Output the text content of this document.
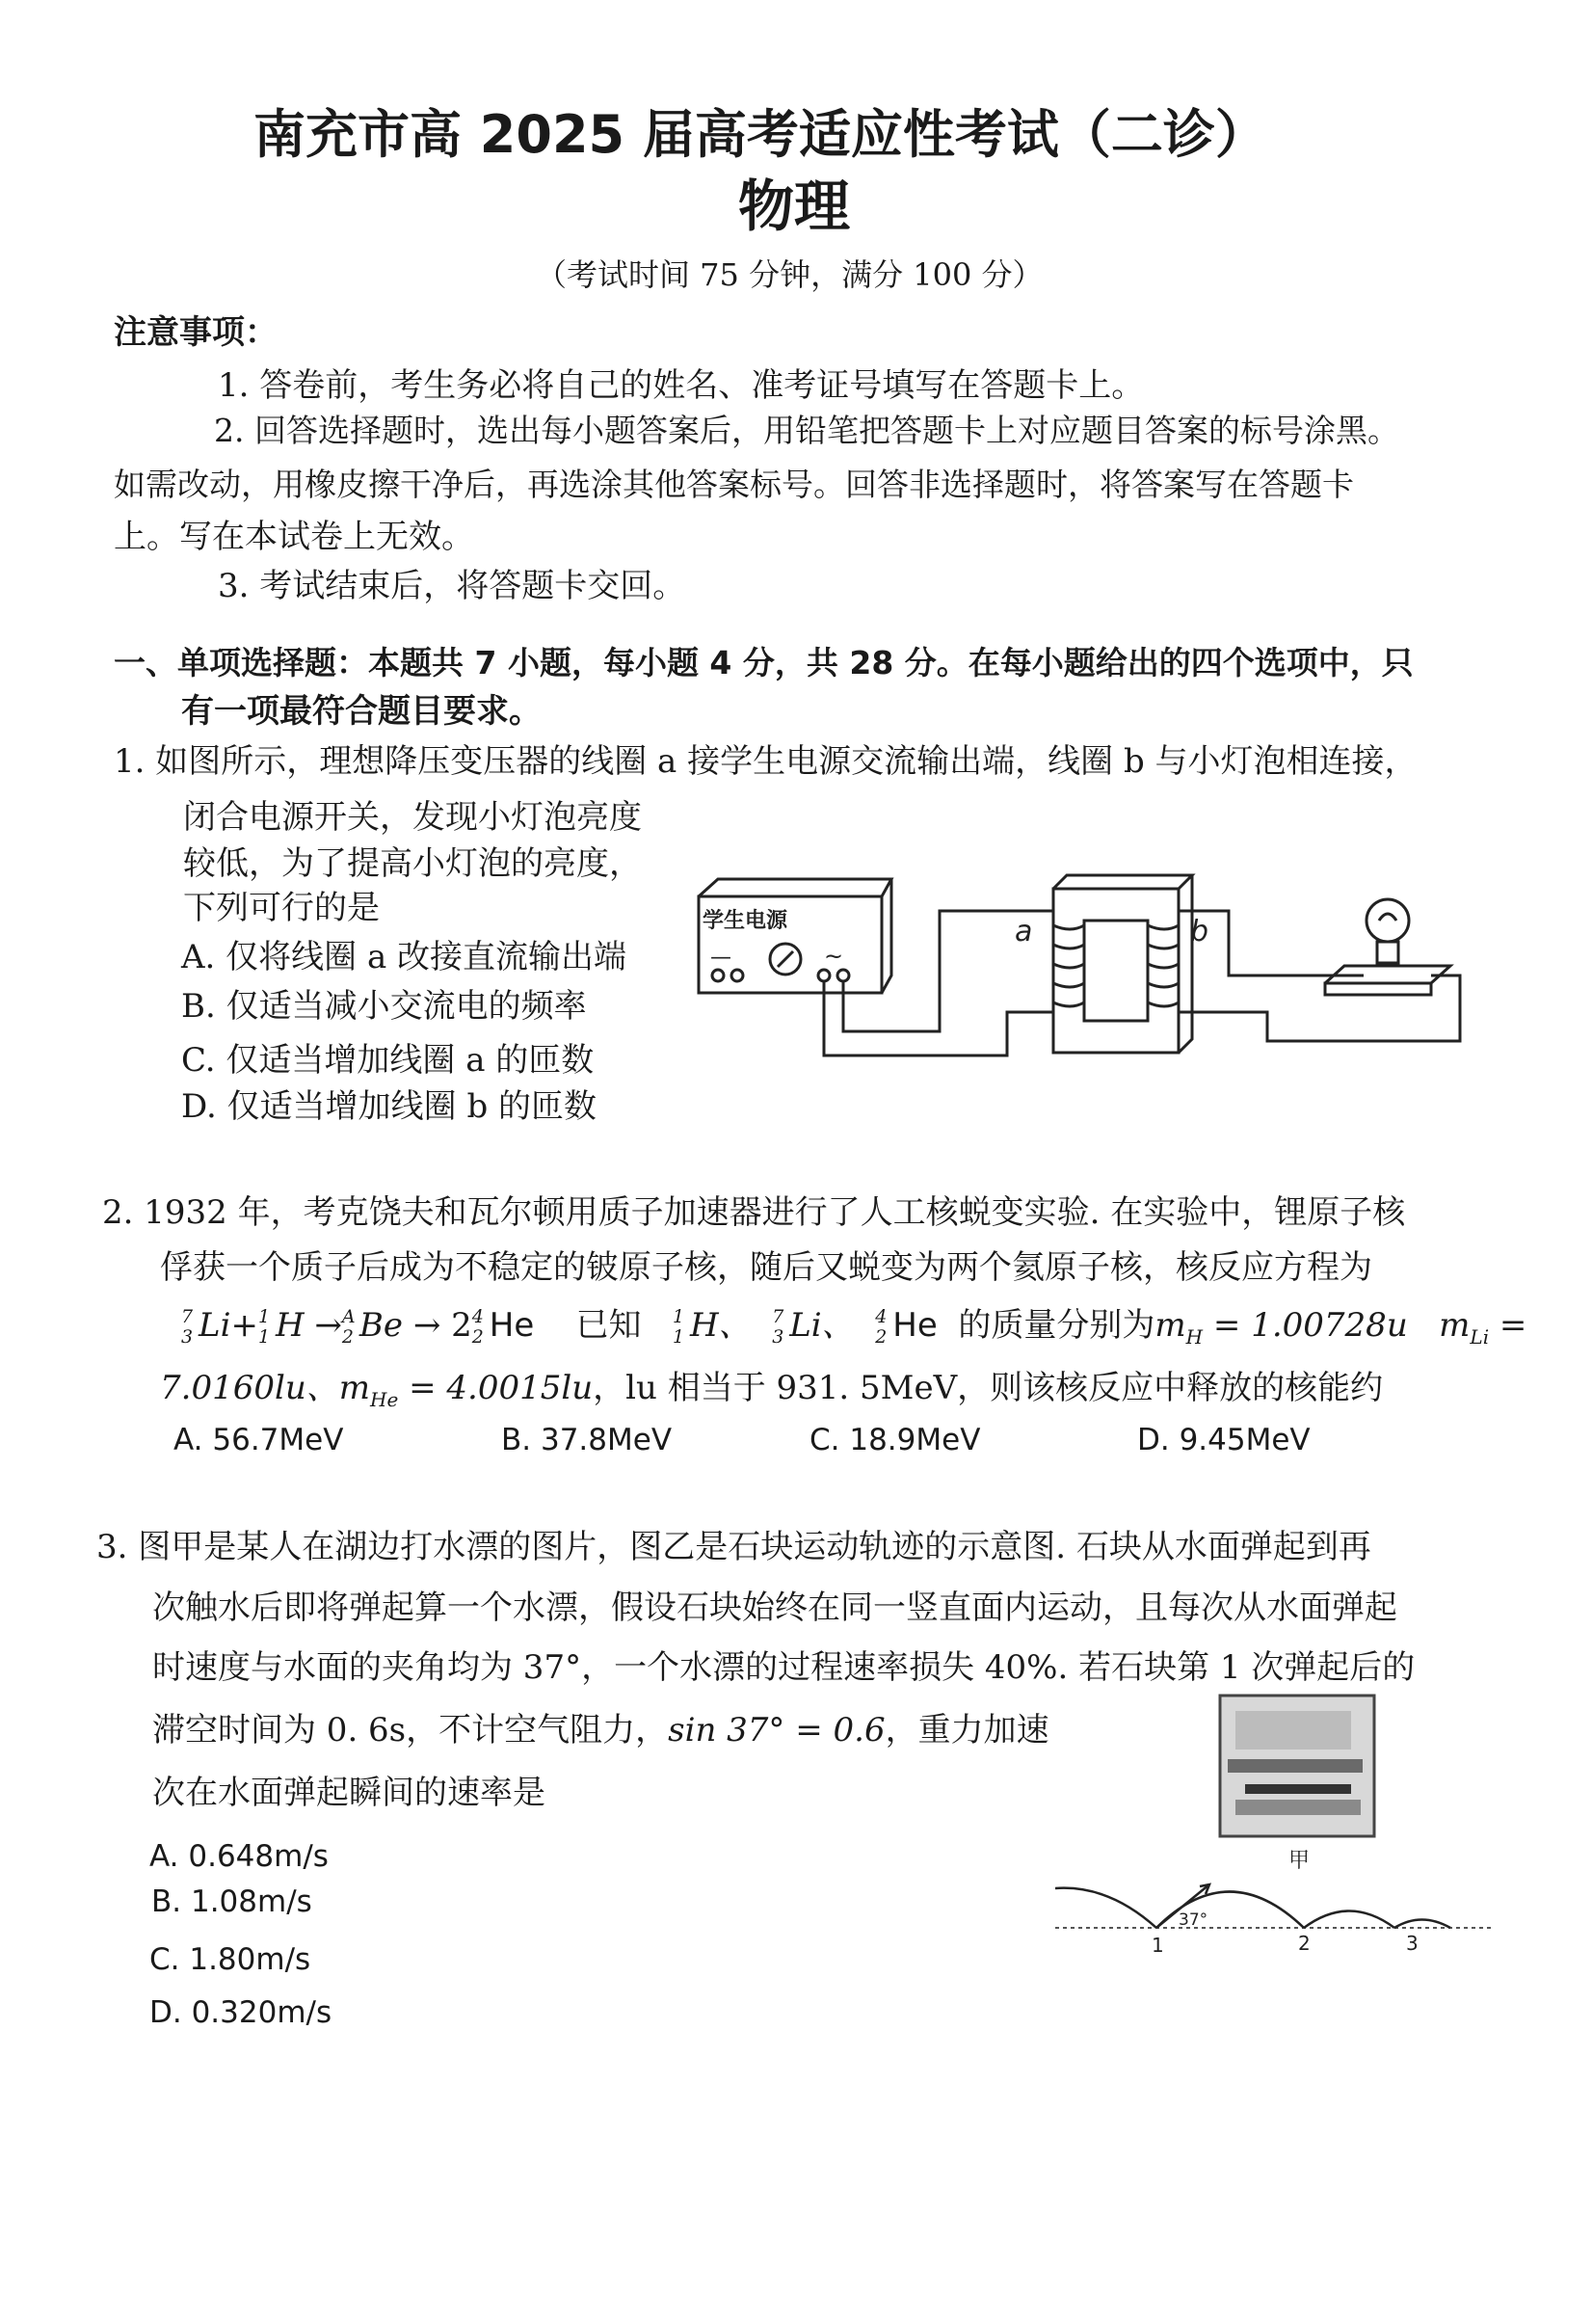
南充市高 2025 届高考适应性考试（二诊）
物理
（考试时间 75 分钟，满分 100 分）
注意事项：
1. 答卷前，考生务必将自己的姓名、准考证号填写在答题卡上。
2. 回答选择题时，选出每小题答案后，用铅笔把答题卡上对应题目答案的标号涂黑。
如需改动，用橡皮擦干净后，再选涂其他答案标号。回答非选择题时，将答案写在答题卡
上。写在本试卷上无效。
3. 考试结束后，将答题卡交回。
一、单项选择题：本题共 7 小题，每小题 4 分，共 28 分。在每小题给出的四个选项中，只
有一项最符合题目要求。
1. 如图所示，理想降压变压器的线圈 a 接学生电源交流输出端，线圈 b 与小灯泡相连接，
闭合电源开关，发现小灯泡亮度
较低，为了提高小灯泡的亮度，
下列可行的是
A. 仅将线圈 a 改接直流输出端
B. 仅适当减小交流电的频率
C. 仅适当增加线圈 a 的匝数
D. 仅适当增加线圈 b 的匝数
学生电源
—	~
a	b
2. 1932 年，考克饶夫和瓦尔顿用质子加速器进行了人工核蜕变实验. 在实验中，锂原子核
俘获一个质子后成为不稳定的铍原子核，随后又蜕变为两个氦原子核，核反应方程为
7
3 Li+ 1
1 H → A
2 Be → 2 4
2 He 已知 1
1 H、 7
3 Li、 4
2 He 的质量分别为$m_H = 1.00728u$ $m_{Li}$ =
7.0160lu、$m_{He} = 4.0015lu$，lu 相当于 931. 5MeV，则该核反应中释放的核能约
A. 56.7MeV	B. 37.8MeV	C. 18.9MeV	D. 9.45MeV
3. 图甲是某人在湖边打水漂的图片，图乙是石块运动轨迹的示意图. 石块从水面弹起到再
次触水后即将弹起算一个水漂，假设石块始终在同一竖直面内运动，且每次从水面弹起
时速度与水面的夹角均为 37°，一个水漂的过程速率损失 40%. 若石块第 1 次弹起后的
滞空时间为 0. 6s，不计空气阻力，sin 37° = 0.6，重力加速
次在水面弹起瞬间的速率是
A. 0.648m/s
B. 1.08m/s
C. 1.80m/s
D. 0.320m/s
甲
37°
1	2	3
